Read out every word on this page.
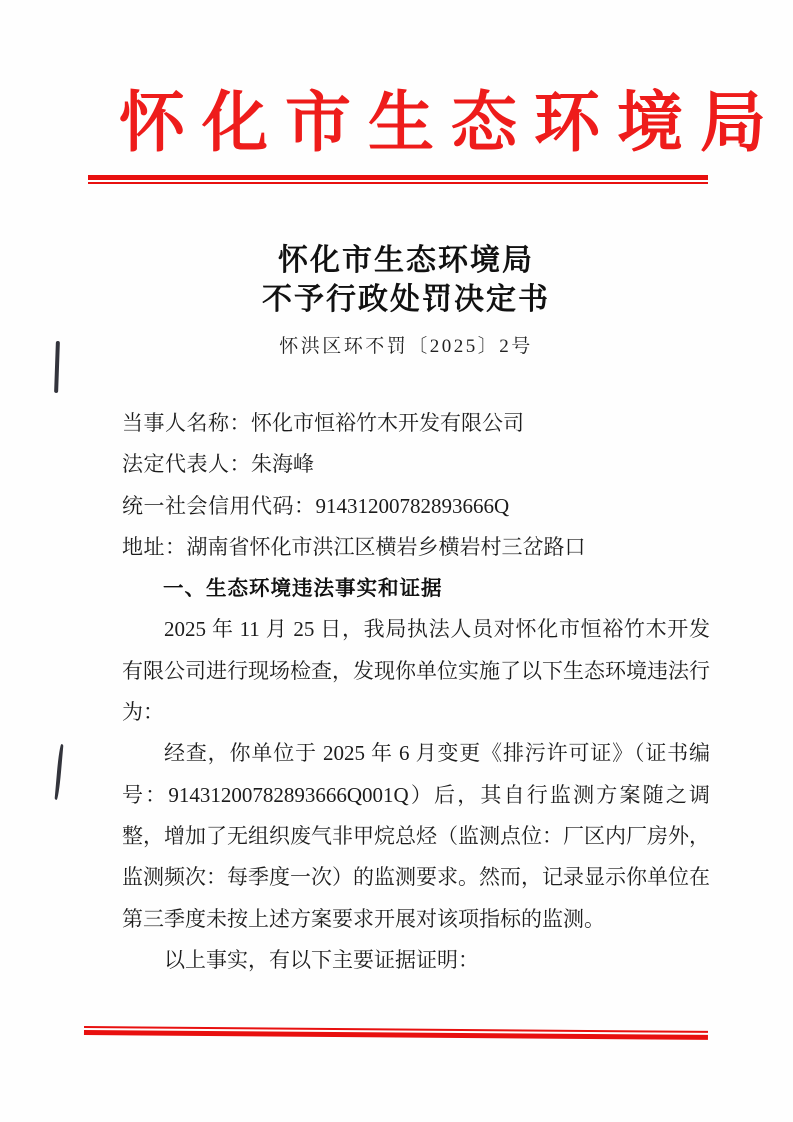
怀化市生态环境局
怀化市生态环境局
不予行政处罚决定书
怀洪区环不罚〔2025〕2号
当事人名称：怀化市恒裕竹木开发有限公司
法定代表人：朱海峰
统一社会信用代码：91431200782893666Q
地址：湖南省怀化市洪江区横岩乡横岩村三岔路口
一、生态环境违法事实和证据

2025 年 11 月 25 日，我局执法人员对怀化市恒裕竹木开发有限公司进行现场检查，发现你单位实施了以下生态环境违法行为：

经查，你单位于 2025 年 6 月变更《排污许可证》（证书编号：91431200782893666Q001Q）后，其自行监测方案随之调整，增加了无组织废气非甲烷总烃（监测点位：厂区内厂房外，监测频次：每季度一次）的监测要求。然而，记录显示你单位在第三季度未按上述方案要求开展对该项指标的监测。

以上事实，有以下主要证据证明：
